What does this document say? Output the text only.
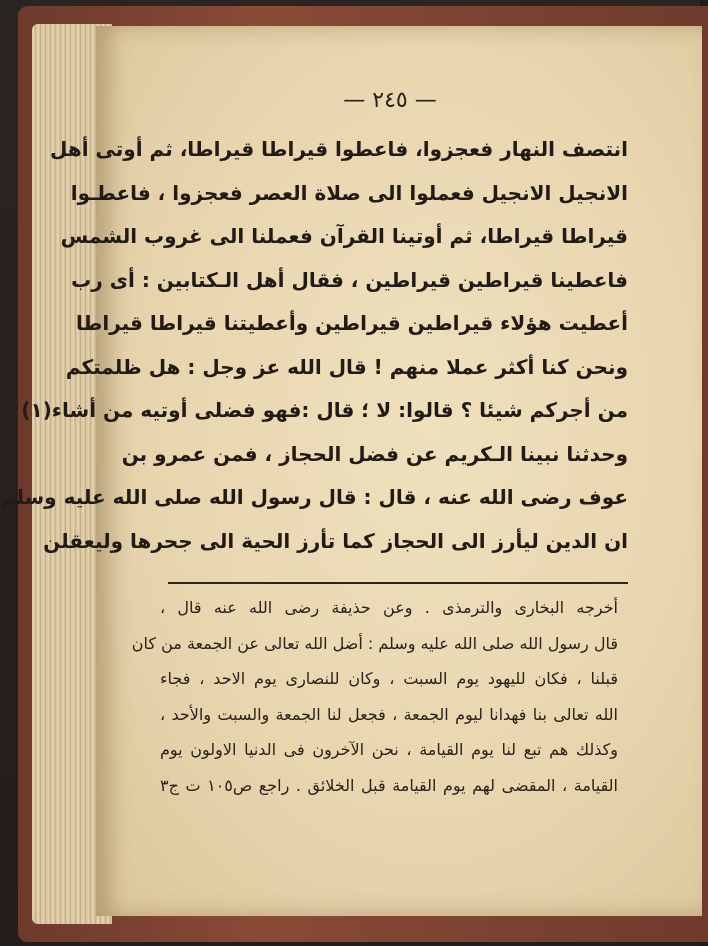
— ٢٤٥ —
انتصف النهار فعجزوا، فاعطوا قيراطا قيراطا، ثم أوتى أهل
الانجيل الانجيل فعملوا الى صلاة العصر فعجزوا ، فاعطـوا
قيراطا قيراطا، ثم أوتينا القرآن فعملنا الى غروب الشمس
فاعطينا قيراطين قيراطين ، فقال أهل الـكتابين : أى رب
أعطيت هؤلاء قيراطين قيراطين وأعطيتنا قيراطا قيراطا
ونحن كنا أكثر عملا منهم ! قال الله عز وجل : هل ظلمتكم
من أجركم شيئا ؟ قالوا: لا ؛ قال :فهو فضلى أوتيه من أشاء(١)
وحدثنا نبينا الـكريم عن فضل الحجاز ، فمن عمرو بن
عوف رضى الله عنه ، قال : قال رسول الله صلى الله عليه وسلم
ان الدين ليأرز الى الحجاز كما تأرز الحية الى جحرها وليعقلن
أخرجه البخارى والترمذى . وعن حذيفة رضى الله عنه قال ،
قال رسول الله صلى الله عليه وسلم : أضل الله تعالى عن الجمعة من كان
قبلنا ، فكان لليهود يوم السبت ، وكان للنصارى يوم الاحد ، فجاء
الله تعالى بنا فهدانا ليوم الجمعة ، فجعل لنا الجمعة والسبت والأحد ،
وكذلك هم تبع لنا يوم القيامة ، نحن الآخرون فى الدنيا الاولون يوم
القيامة ، المقضى لهم يوم القيامة قبل الخلائق . راجع ص١٠٥ ت ج٣
